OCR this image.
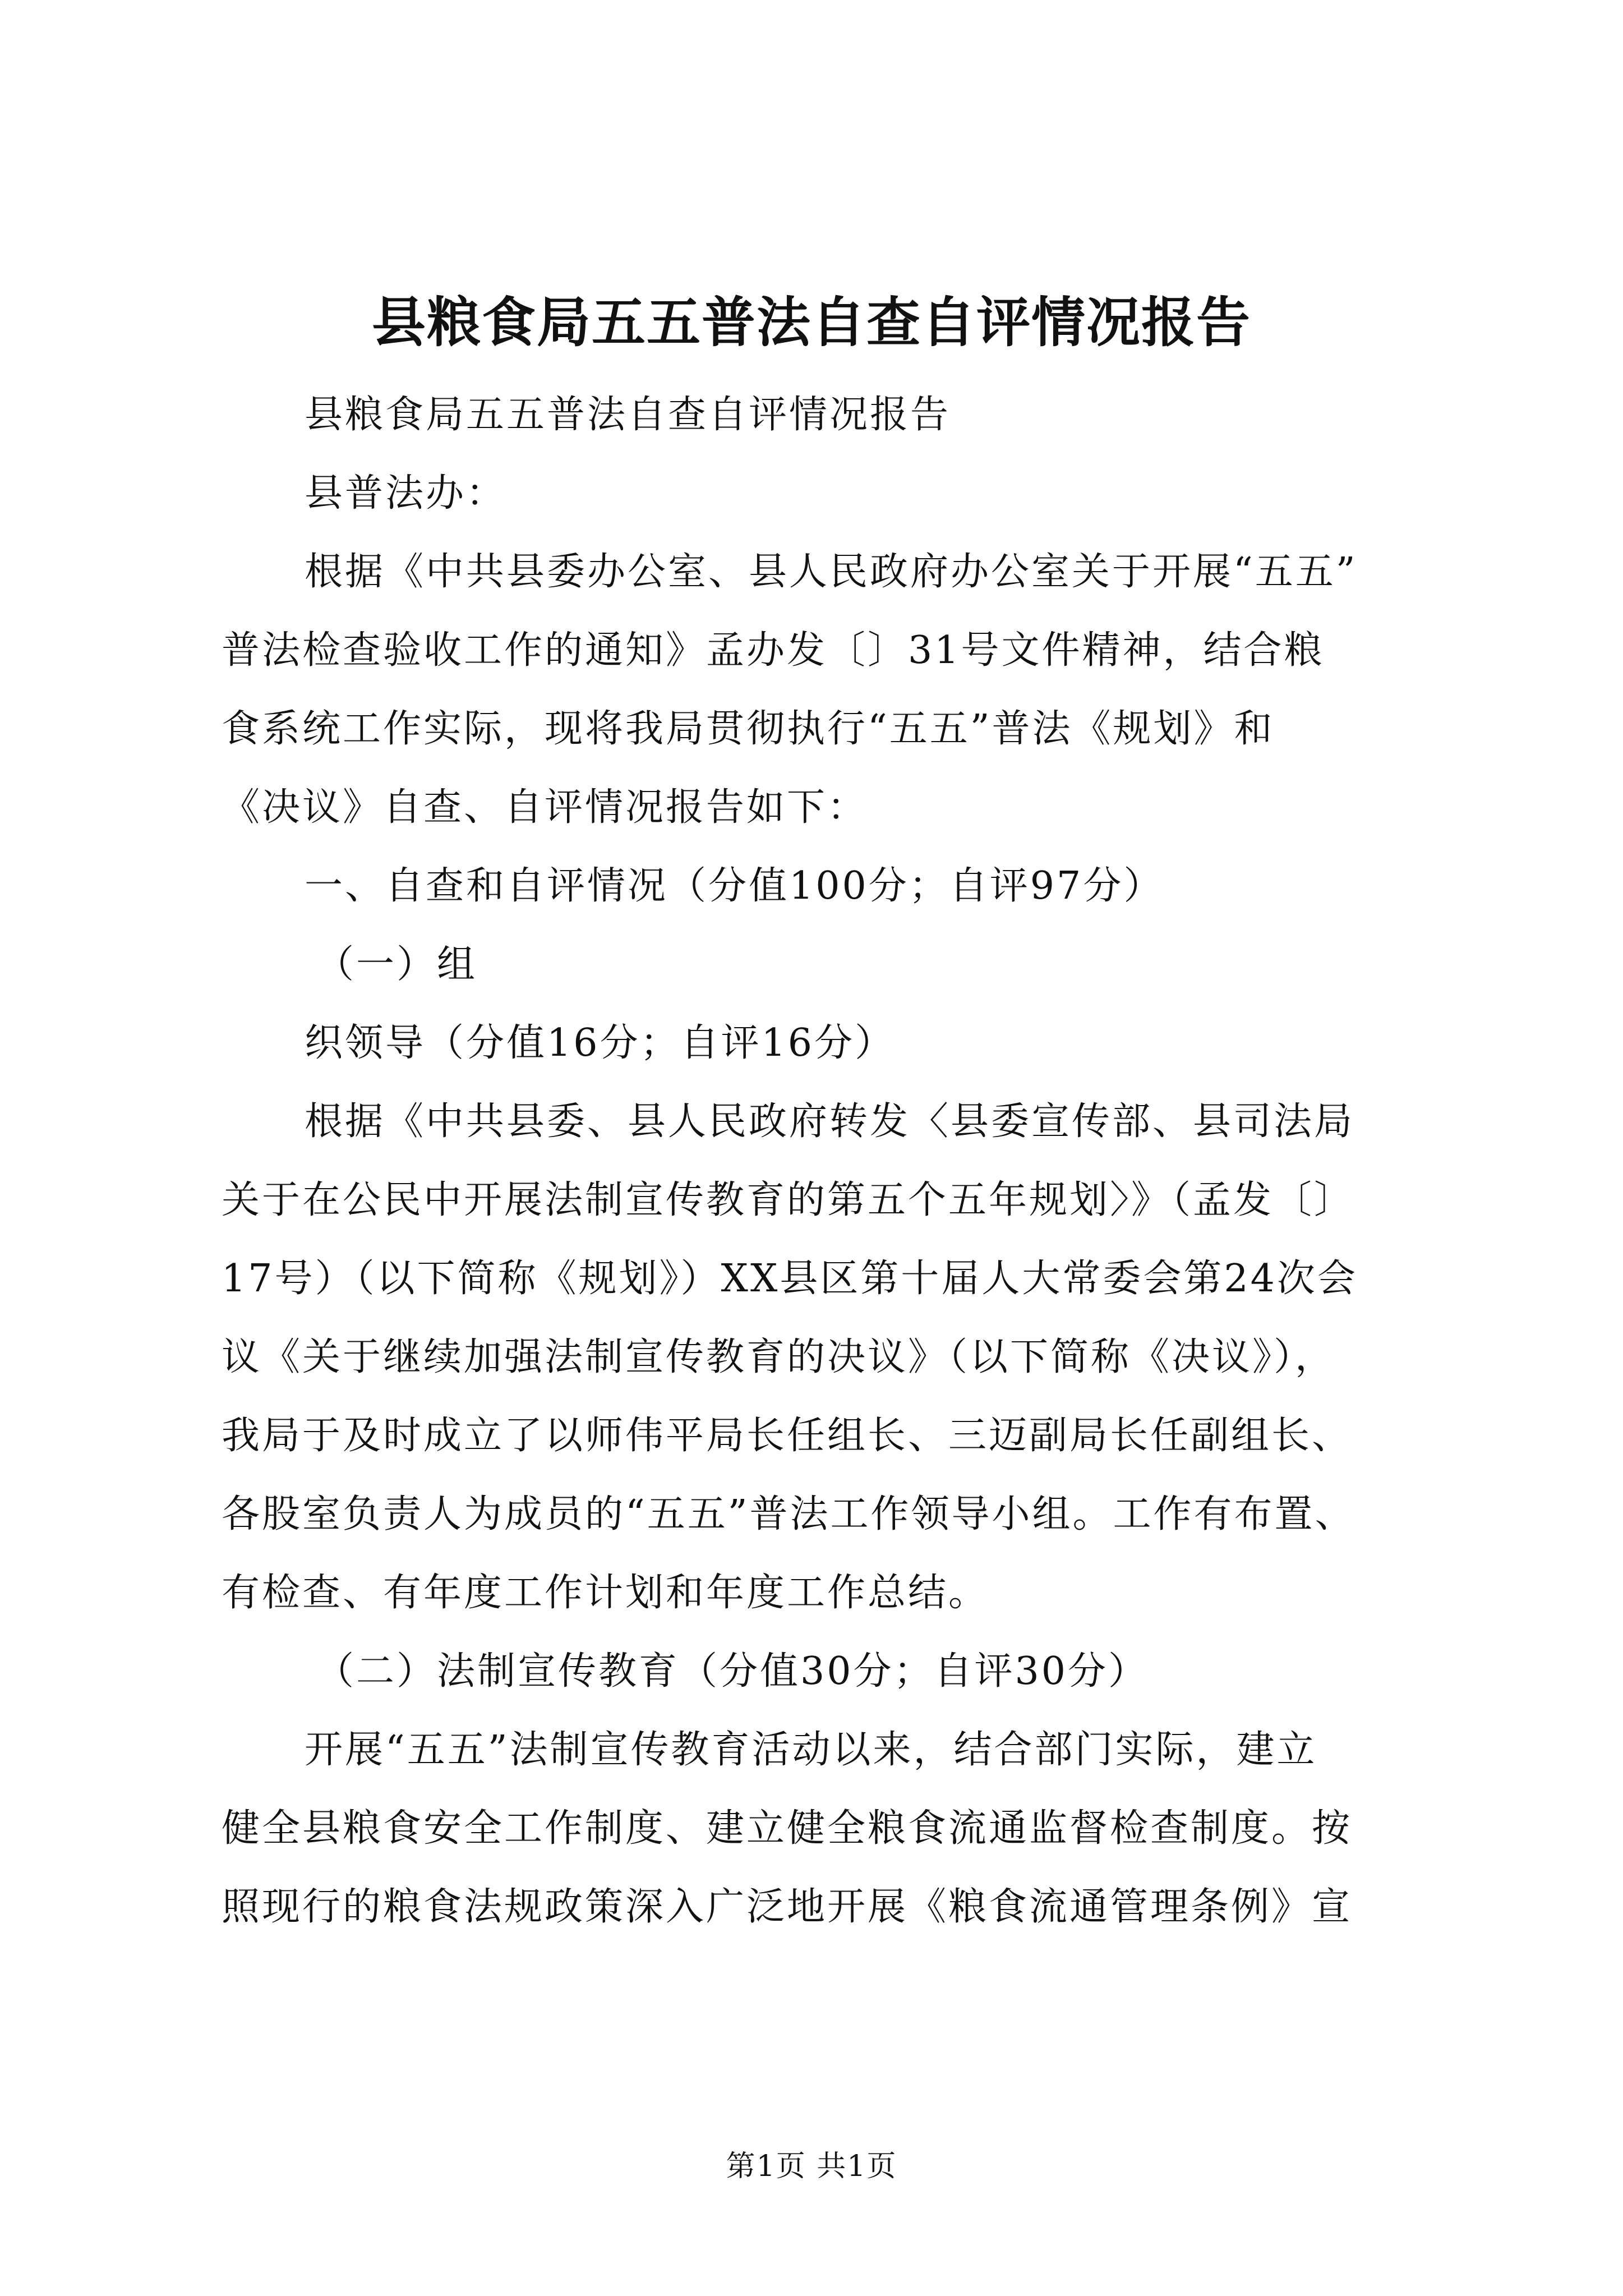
县粮食局五五普法自查自评情况报告
县粮食局五五普法自查自评情况报告
县普法办：
根据《中共县委办公室、县人民政府办公室关于开展“五五”
普法检查验收工作的通知》孟办发〔〕31号文件精神，结合粮
食系统工作实际，现将我局贯彻执行“五五”普法《规划》和
《决议》自查、自评情况报告如下：
一、自查和自评情况（分值100分；自评97分）
（一）组
织领导（分值16分；自评16分）
根据《中共县委、县人民政府转发〈县委宣传部、县司法局
关于在公民中开展法制宣传教育的第五个五年规划〉》（孟发〔〕
17号）（以下简称《规划》）XX县区第十届人大常委会第24次会
议《关于继续加强法制宣传教育的决议》（以下简称《决议》），
我局于及时成立了以师伟平局长任组长、三迈副局长任副组长、
各股室负责人为成员的“五五”普法工作领导小组。工作有布置、
有检查、有年度工作计划和年度工作总结。
（二）法制宣传教育（分值30分；自评30分）
开展“五五”法制宣传教育活动以来，结合部门实际，建立
健全县粮食安全工作制度、建立健全粮食流通监督检查制度。按
照现行的粮食法规政策深入广泛地开展《粮食流通管理条例》宣
第1页 共1页
